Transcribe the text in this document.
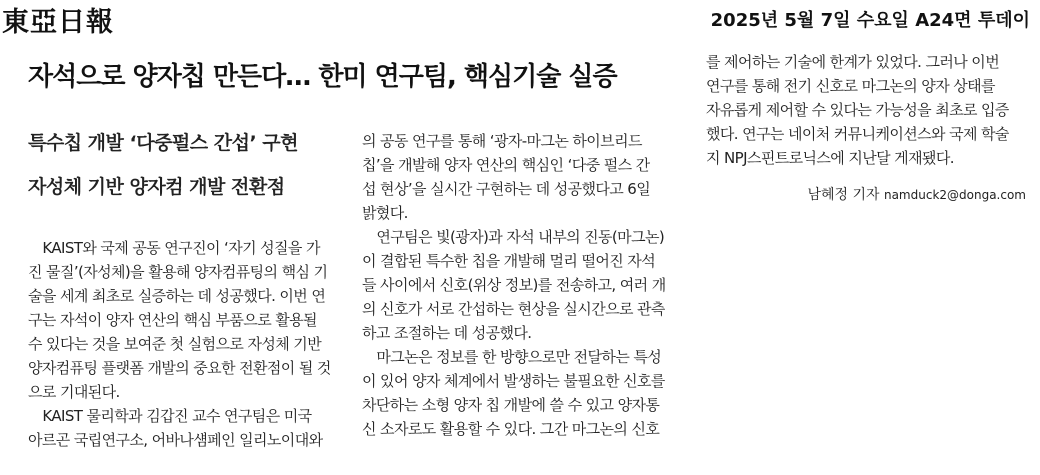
東亞日報	2025년 5월 7일 수요일 A24면 투데이
자석으로 양자칩 만든다… 한미 연구팀, 핵심기술 실증
특수칩 개발 ‘다중펄스 간섭’ 구현
자성체 기반 양자컴 개발 전환점
　KAIST와 국제 공동 연구진이 ‘자기 성질을 가
진 물질’(자성체)을 활용해 양자컴퓨팅의 핵심 기
술을 세계 최초로 실증하는 데 성공했다. 이번 연
구는 자석이 양자 연산의 핵심 부품으로 활용될
수 있다는 것을 보여준 첫 실험으로 자성체 기반
양자컴퓨팅 플랫폼 개발의 중요한 전환점이 될 것
으로 기대된다.
　KAIST 물리학과 김갑진 교수 연구팀은 미국
아르곤 국립연구소, 어바나섐페인 일리노이대와
의 공동 연구를 통해 ‘광자-마그논 하이브리드
칩’을 개발해 양자 연산의 핵심인 ‘다중 펄스 간
섭 현상’을 실시간 구현하는 데 성공했다고 6일
밝혔다.
　연구팀은 빛(광자)과 자석 내부의 진동(마그논)
이 결합된 특수한 칩을 개발해 멀리 떨어진 자석
들 사이에서 신호(위상 정보)를 전송하고, 여러 개
의 신호가 서로 간섭하는 현상을 실시간으로 관측
하고 조절하는 데 성공했다.
　마그논은 정보를 한 방향으로만 전달하는 특성
이 있어 양자 체계에서 발생하는 불필요한 신호를
차단하는 소형 양자 칩 개발에 쓸 수 있고 양자통
신 소자로도 활용할 수 있다. 그간 마그논의 신호
를 제어하는 기술에 한계가 있었다. 그러나 이번
연구를 통해 전기 신호로 마그논의 양자 상태를
자유롭게 제어할 수 있다는 가능성을 최초로 입증
했다. 연구는 네이처 커뮤니케이션스와 국제 학술
지 NPJ스핀트로닉스에 지난달 게재됐다.
남혜정 기자 namduck2@donga.com
